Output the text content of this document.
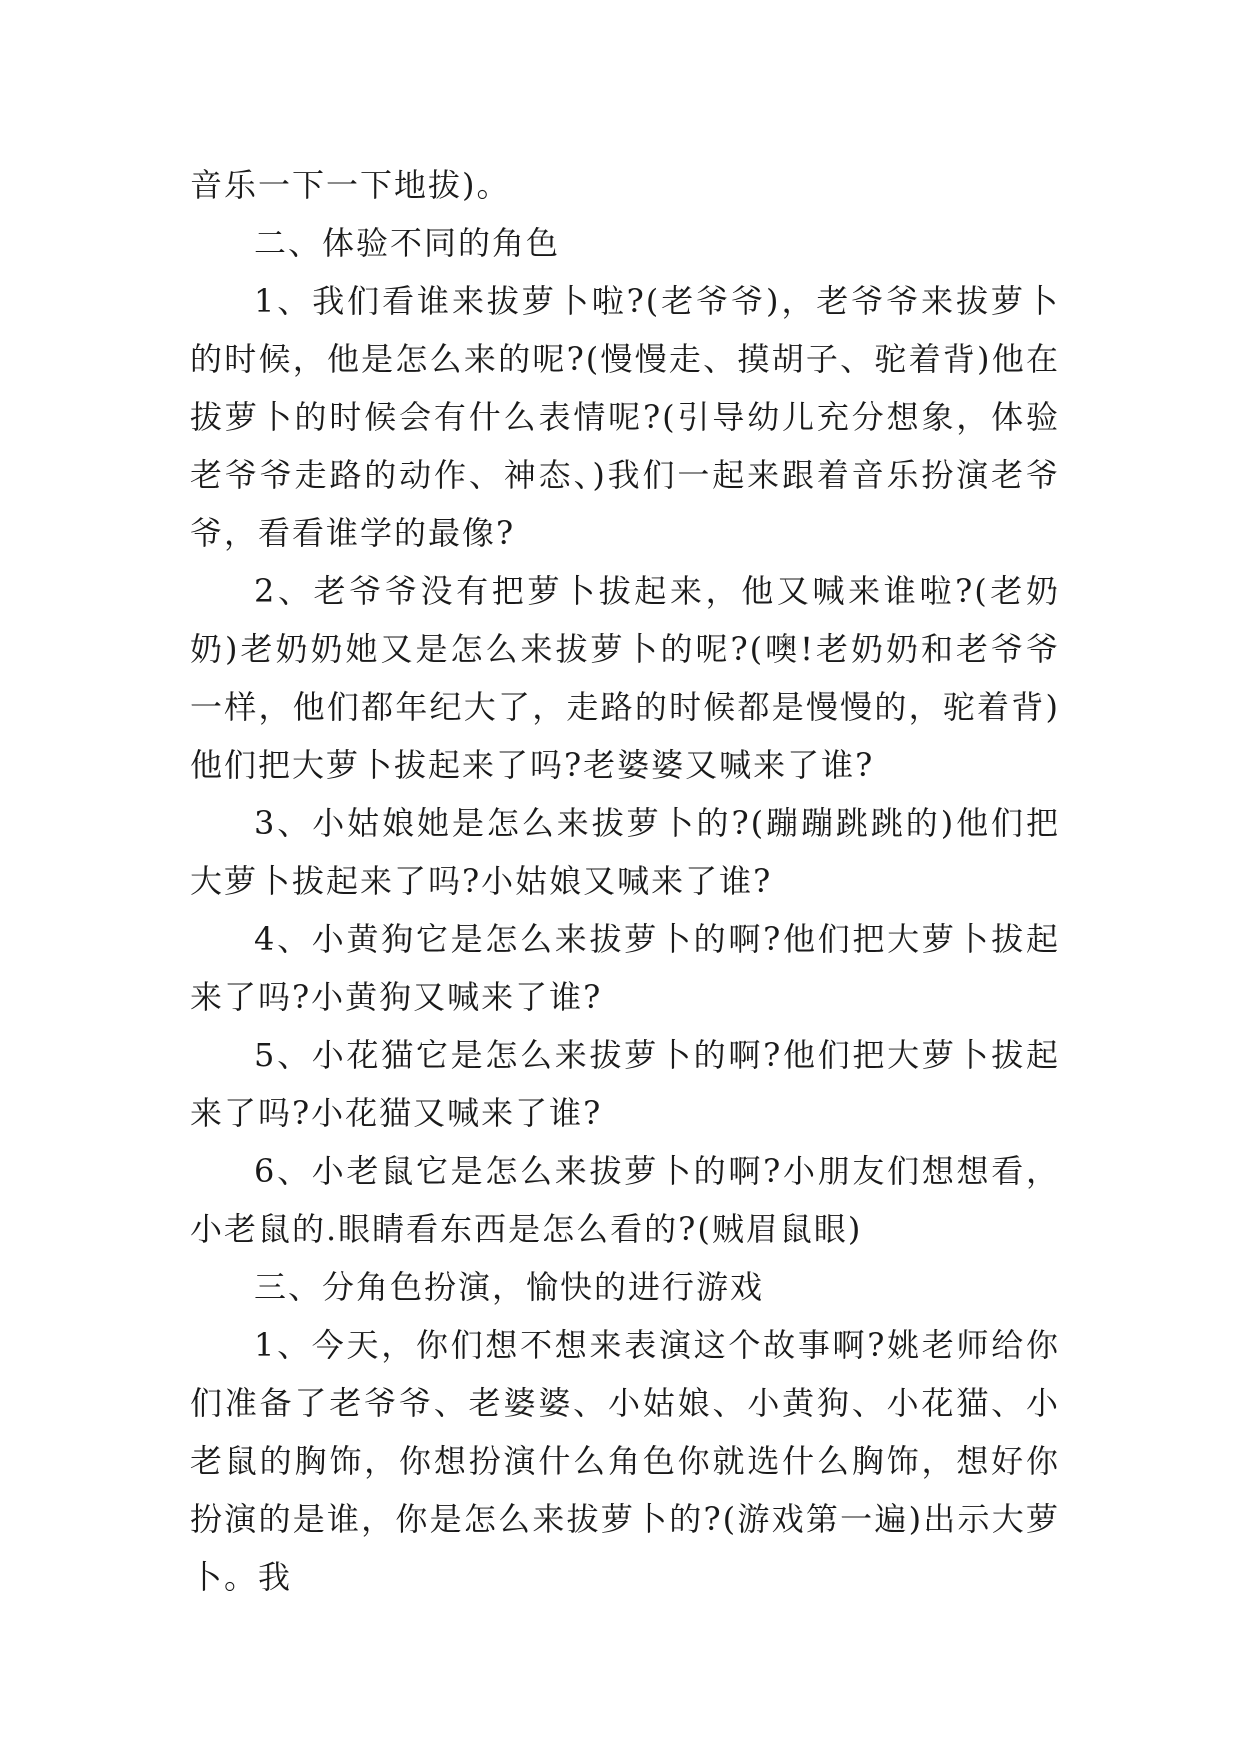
音乐一下一下地拔)。

二、体验不同的角色

1、我们看谁来拔萝卜啦?(老爷爷)，老爷爷来拔萝卜的时候，他是怎么来的呢?(慢慢走、摸胡子、驼着背)他在拔萝卜的时候会有什么表情呢?(引导幼儿充分想象，体验老爷爷走路的动作、神态、)我们一起来跟着音乐扮演老爷爷，看看谁学的最像?

2、老爷爷没有把萝卜拔起来，他又喊来谁啦?(老奶奶)老奶奶她又是怎么来拔萝卜的呢?(噢!老奶奶和老爷爷一样，他们都年纪大了，走路的时候都是慢慢的，驼着背)他们把大萝卜拔起来了吗?老婆婆又喊来了谁?

3、小姑娘她是怎么来拔萝卜的?(蹦蹦跳跳的)他们把大萝卜拔起来了吗?小姑娘又喊来了谁?

4、小黄狗它是怎么来拔萝卜的啊?他们把大萝卜拔起来了吗?小黄狗又喊来了谁?

5、小花猫它是怎么来拔萝卜的啊?他们把大萝卜拔起来了吗?小花猫又喊来了谁?

6、小老鼠它是怎么来拔萝卜的啊?小朋友们想想看，小老鼠的.眼睛看东西是怎么看的?(贼眉鼠眼)

三、分角色扮演，愉快的进行游戏

1、今天，你们想不想来表演这个故事啊?姚老师给你们准备了老爷爷、老婆婆、小姑娘、小黄狗、小花猫、小老鼠的胸饰，你想扮演什么角色你就选什么胸饰，想好你扮演的是谁，你是怎么来拔萝卜的?(游戏第一遍)出示大萝卜。我
